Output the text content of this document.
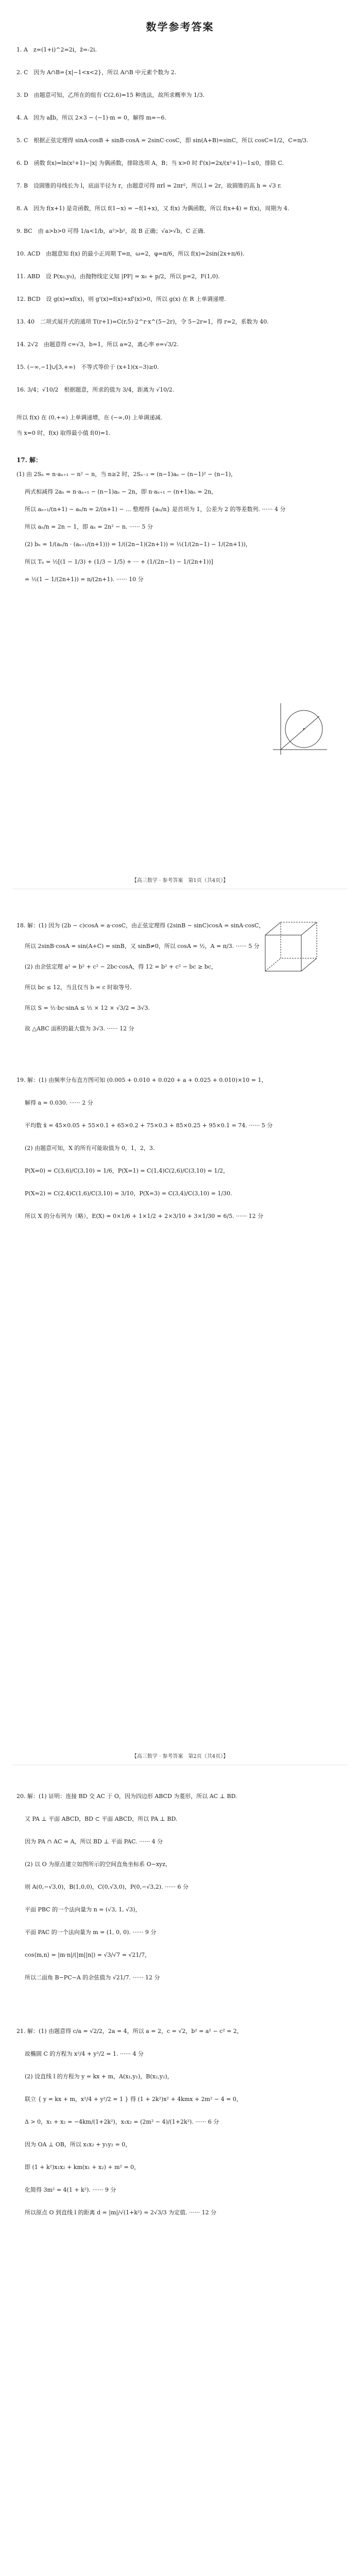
数学参考答案
1. A　z=(1+i)^2=2i，z̄=-2i.
2. C　因为 A∩B={x|−1<x<2}，所以 A∩B 中元素个数为 2.
3. D　由题意可知，乙所在的组有 C(2,6)=15 种选法，故所求概率为 1/3.
4. A　因为 a∥b，所以 2×3 − (−1)·m = 0，解得 m=−6.
5. C　根据正弦定理得 sinA·cosB + sinB·cosA = 2sinC·cosC，即 sin(A+B)=sinC，所以 cosC=1/2，C=π/3.
6. D　函数 f(x)=ln(x²+1)−|x| 为偶函数，排除选项 A，B；当 x>0 时 f'(x)=2x/(x²+1)−1≤0，排除 C.
7. B　设圆锥的母线长为 l，底面半径为 r，由题意可得 πrl = 2πr²，所以 l = 2r，故圆锥的高 h = √3 r.
8. A　因为 f(x+1) 是奇函数，所以 f(1−x) = −f(1+x)，又 f(x) 为偶函数，所以 f(x+4) = f(x)，周期为 4.
9. BC　由 a>b>0 可得 1/a<1/b，a²>b²，故 B 正确；√a>√b，C 正确.
10. ACD　由题意知 f(x) 的最小正周期 T=π，ω=2，φ=π/6，所以 f(x)=2sin(2x+π/6).
11. ABD　设 P(x₀,y₀)，由抛物线定义知 |PF| = x₀ + p/2，所以 p=2，F(1,0).
12. BCD　设 g(x)=xf(x)，则 g'(x)=f(x)+xf'(x)>0，所以 g(x) 在 R 上单调递增.
13. 40　二项式展开式的通项 T(r+1)=C(r,5)·2^r·x^(5−2r)，令 5−2r=1，得 r=2，系数为 40.
14. 2√2　由题意得 c=√3，b=1，所以 a=2，离心率 e=√3/2.
15. (−∞,−1]∪[3,+∞)　不等式等价于 (x+1)(x−3)≥0.
16. 3/4；√10/2　根据题意，所求的值为 3/4，距离为 √10/2.
所以 f(x) 在 (0,+∞) 上单调递增，在 (−∞,0) 上单调递减.
当 x=0 时，f(x) 取得最小值 f(0)=1.
17. 解：
(1) 由 2Sₙ = n·aₙ₊₁ − n² − n，当 n≥2 时，2Sₙ₋₁ = (n−1)aₙ − (n−1)² − (n−1)，
两式相减得 2aₙ = n·aₙ₊₁ − (n−1)aₙ − 2n，即 n·aₙ₊₁ − (n+1)aₙ = 2n，
所以 aₙ₊₁/(n+1) − aₙ/n = 2/(n+1) − ... 整理得 {aₙ/n} 是首项为 1，公差为 2 的等差数列. ······ 4 分
所以 aₙ/n = 2n − 1，即 aₙ = 2n² − n. ······ 5 分
(2) bₙ = 1/(aₙ/n · (aₙ₊₁/(n+1))) = 1/((2n−1)(2n+1)) = ½(1/(2n−1) − 1/(2n+1))，
所以 Tₙ = ½[(1 − 1/3) + (1/3 − 1/5) + ··· + (1/(2n−1) − 1/(2n+1))]
= ½(1 − 1/(2n+1)) = n/(2n+1). ······ 10 分
【高三数学 · 参考答案　第1页（共4页）】
18. 解：(1) 因为 (2b − c)cosA = a·cosC，由正弦定理得 (2sinB − sinC)cosA = sinA·cosC，
所以 2sinB·cosA = sin(A+C) = sinB，又 sinB≠0，所以 cosA = ½，A = π/3. ······ 5 分
(2) 由余弦定理 a² = b² + c² − 2bc·cosA，得 12 = b² + c² − bc ≥ bc，
所以 bc ≤ 12，当且仅当 b = c 时取等号.
所以 S = ½·bc·sinA ≤ ½ × 12 × √3/2 = 3√3.
故 △ABC 面积的最大值为 3√3. ······ 12 分
19. 解：(1) 由频率分布直方图可知 (0.005 + 0.010 + 0.020 + a + 0.025 + 0.010)×10 = 1，
解得 a = 0.030. ······ 2 分
平均数 x̄ = 45×0.05 + 55×0.1 + 65×0.2 + 75×0.3 + 85×0.25 + 95×0.1 = 74. ······ 5 分
(2) 由题意可知，X 的所有可能取值为 0，1，2，3.
P(X=0) = C(3,6)/C(3,10) = 1/6，P(X=1) = C(1,4)C(2,6)/C(3,10) = 1/2，
P(X=2) = C(2,4)C(1,6)/C(3,10) = 3/10，P(X=3) = C(3,4)/C(3,10) = 1/30.
所以 X 的分布列为（略），E(X) = 0×1/6 + 1×1/2 + 2×3/10 + 3×1/30 = 6/5. ······ 12 分
【高三数学 · 参考答案　第2页（共4页）】
20. 解：(1) 证明：连接 BD 交 AC 于 O，因为四边形 ABCD 为菱形，所以 AC ⊥ BD.
又 PA ⊥ 平面 ABCD，BD ⊂ 平面 ABCD，所以 PA ⊥ BD.
因为 PA ∩ AC = A，所以 BD ⊥ 平面 PAC. ······ 4 分
(2) 以 O 为原点建立如图所示的空间直角坐标系 O−xyz，
则 A(0,−√3,0)，B(1,0,0)，C(0,√3,0)，P(0,−√3,2). ······ 6 分
平面 PBC 的一个法向量为 n = (√3, 1, √3)，
平面 PAC 的一个法向量为 m = (1, 0, 0). ······ 9 分
cos⟨m,n⟩ = |m·n|/(|m||n|) = √3/√7 = √21/7，
所以二面角 B−PC−A 的余弦值为 √21/7. ······ 12 分
21. 解：(1) 由题意得 c/a = √2/2，2a = 4，所以 a = 2，c = √2，b² = a² − c² = 2，
故椭圆 C 的方程为 x²/4 + y²/2 = 1. ······ 4 分
(2) 设直线 l 的方程为 y = kx + m，A(x₁,y₁)，B(x₂,y₂)，
联立 { y = kx + m，x²/4 + y²/2 = 1 } 得 (1 + 2k²)x² + 4kmx + 2m² − 4 = 0，
Δ > 0，x₁ + x₂ = −4km/(1+2k²)，x₁x₂ = (2m² − 4)/(1+2k²). ······ 6 分
因为 OA ⊥ OB，所以 x₁x₂ + y₁y₂ = 0，
即 (1 + k²)x₁x₂ + km(x₁ + x₂) + m² = 0，
化简得 3m² = 4(1 + k²). ······ 9 分
所以原点 O 到直线 l 的距离 d = |m|/√(1+k²) = 2√3/3 为定值. ······ 12 分
